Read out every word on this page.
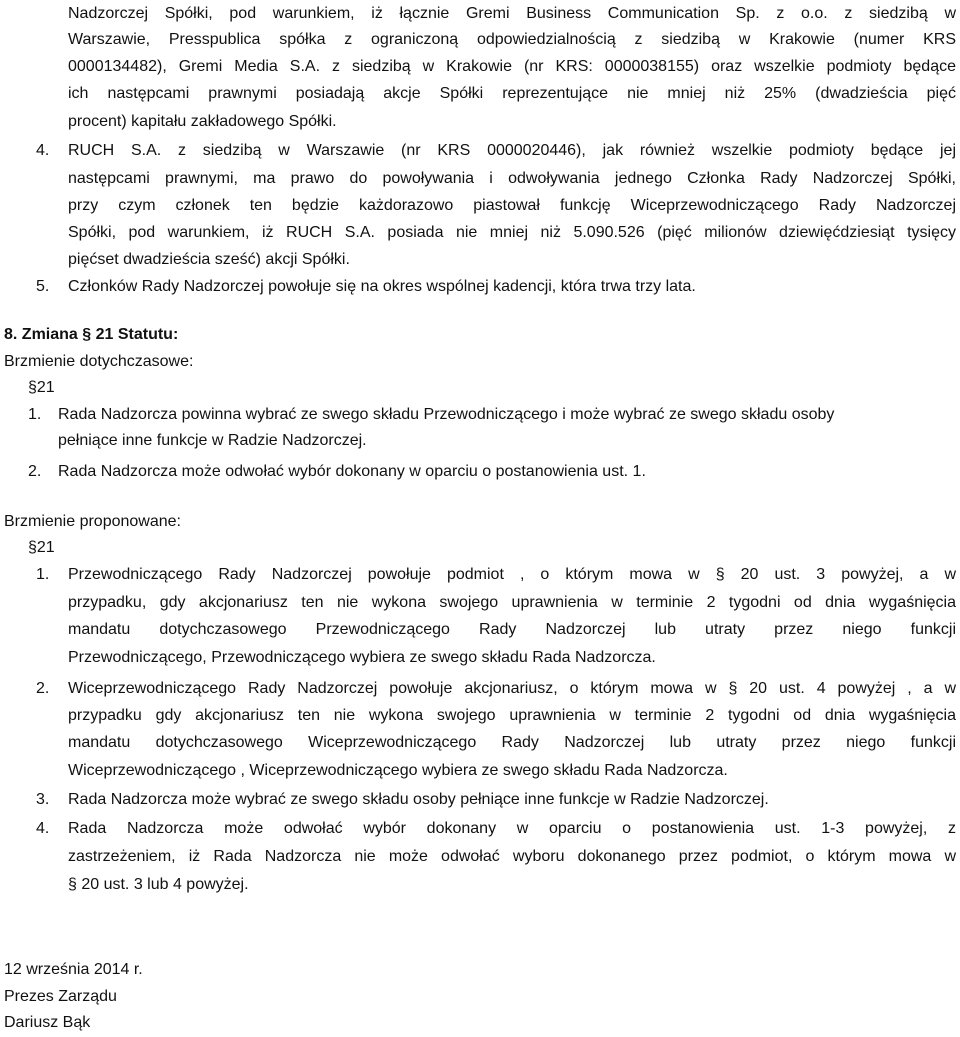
Nadzorczej Spółki, pod warunkiem, iż łącznie Gremi Business Communication Sp. z o.o. z siedzibą w
Warszawie, Presspublica spółka z ograniczoną odpowiedzialnością z siedzibą w Krakowie (numer KRS
0000134482), Gremi Media S.A. z siedzibą w Krakowie (nr KRS: 0000038155) oraz wszelkie podmioty będące
ich następcami prawnymi posiadają akcje Spółki reprezentujące nie mniej niż 25% (dwadzieścia pięć
procent) kapitału zakładowego Spółki.
4. RUCH S.A. z siedzibą w Warszawie (nr KRS 0000020446), jak również wszelkie podmioty będące jej
następcami prawnymi, ma prawo do powoływania i odwoływania jednego Członka Rady Nadzorczej Spółki,
przy czym członek ten będzie każdorazowo piastował funkcję Wiceprzewodniczącego Rady Nadzorczej
Spółki, pod warunkiem, iż RUCH S.A. posiada nie mniej niż 5.090.526 (pięć milionów dziewięćdziesiąt tysięcy
pięćset dwadzieścia sześć) akcji Spółki.
5. Członków Rady Nadzorczej powołuje się na okres wspólnej kadencji, która trwa trzy lata.
8. Zmiana § 21 Statutu:
Brzmienie dotychczasowe:
§21
1. Rada Nadzorcza powinna wybrać ze swego składu Przewodniczącego i może wybrać ze swego składu osoby
pełniące inne funkcje w Radzie Nadzorczej.
2. Rada Nadzorcza może odwołać wybór dokonany w oparciu o postanowienia ust. 1.
Brzmienie proponowane:
§21
1. Przewodniczącego Rady Nadzorczej powołuje podmiot , o którym mowa w § 20 ust. 3 powyżej, a w
przypadku, gdy akcjonariusz ten nie wykona swojego uprawnienia w terminie 2 tygodni od dnia wygaśnięcia
mandatu dotychczasowego Przewodniczącego Rady Nadzorczej lub utraty przez niego funkcji
Przewodniczącego, Przewodniczącego wybiera ze swego składu Rada Nadzorcza.
2. Wiceprzewodniczącego Rady Nadzorczej powołuje akcjonariusz, o którym mowa w § 20 ust. 4 powyżej , a w
przypadku gdy akcjonariusz ten nie wykona swojego uprawnienia w terminie 2 tygodni od dnia wygaśnięcia
mandatu dotychczasowego Wiceprzewodniczącego Rady Nadzorczej lub utraty przez niego funkcji
Wiceprzewodniczącego , Wiceprzewodniczącego wybiera ze swego składu Rada Nadzorcza.
3. Rada Nadzorcza może wybrać ze swego składu osoby pełniące inne funkcje w Radzie Nadzorczej.
4. Rada Nadzorcza może odwołać wybór dokonany w oparciu o postanowienia ust. 1-3 powyżej, z
zastrzeżeniem, iż Rada Nadzorcza nie może odwołać wyboru dokonanego przez podmiot, o którym mowa w
§ 20 ust. 3 lub 4 powyżej.
12 września 2014 r.
Prezes Zarządu
Dariusz Bąk
